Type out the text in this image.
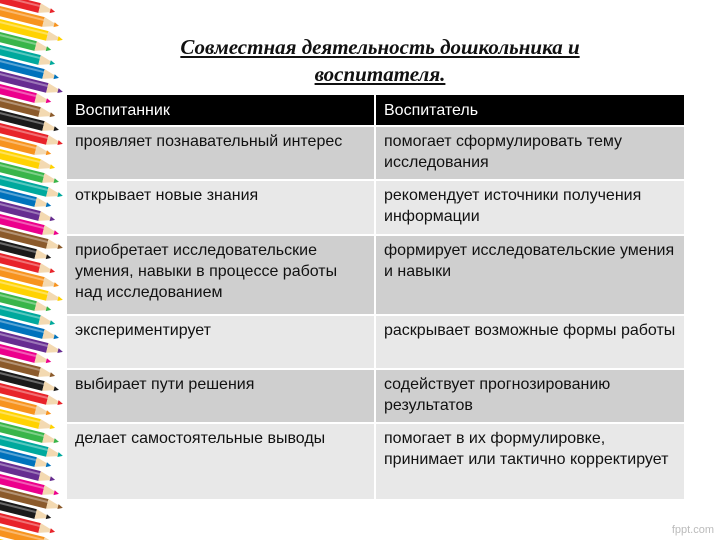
Совместная деятельность дошкольника и воспитателя.
Воспитанник	Воспитатель
проявляет познавательный интерес	помогает сформулировать тему исследования
открывает новые знания	рекомендует источники получения информации
приобретает исследовательские умения, навыки в процессе работы над исследованием	формирует исследовательские умения и навыки
экспериментирует	раскрывает возможные формы работы
выбирает пути решения	содействует прогнозированию результатов
делает самостоятельные выводы	помогает в их формулировке, принимает или тактично корректирует
fppt.com
